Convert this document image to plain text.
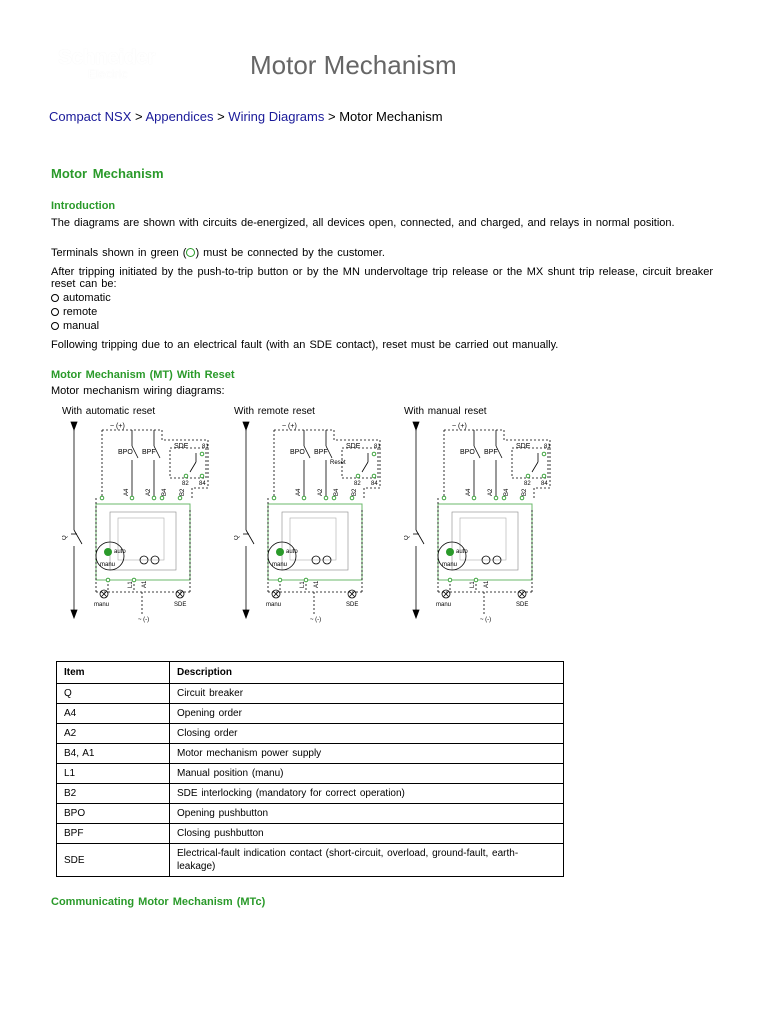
Schneider
Electric	Motor Mechanism
Compact NSX > Appendices > Wiring Diagrams > Motor Mechanism
Motor Mechanism
Introduction
The diagrams are shown with circuits de-energized, all devices open, connected, and charged, and relays in normal position.
Terminals shown in green ( ) must be connected by the customer.
After tripping initiated by the push-to-trip button or by the MN undervoltage trip release or the MX shunt trip release, circuit breaker reset can be:
automatic
remote
manual
Following tripping due to an electrical fault (with an SDE contact), reset must be carried out manually.
Motor Mechanism (MT) With Reset
Motor mechanism wiring diagrams:
With automatic reset	With remote reset	With manual reset
~ (+)
BPO BPF
SDE 81
82 84
A4	A2 B4 B2
Q
auto
manu
L1 A1
manu	SDE
~ (-)
~ (+)
BPO BPF
SDE 81
82 84
A4	A2 B4 B2
Q
auto
manu
L1 A1
manu	SDE
~ (-)
Reset
~ (+)
BPO BPF
SDE 81
82 84
A4	A2 B4 B2
Q
auto
manu
L1 A1
manu	SDE
~ (-)
Item	Description
Q	Circuit breaker
A4	Opening order
A2	Closing order
B4, A1	Motor mechanism power supply
L1	Manual position (manu)
B2	SDE interlocking (mandatory for correct operation)
BPO	Opening pushbutton
BPF	Closing pushbutton
SDE	Electrical-fault indication contact (short-circuit, overload, ground-fault, earth-leakage)
Communicating Motor Mechanism (MTc)
